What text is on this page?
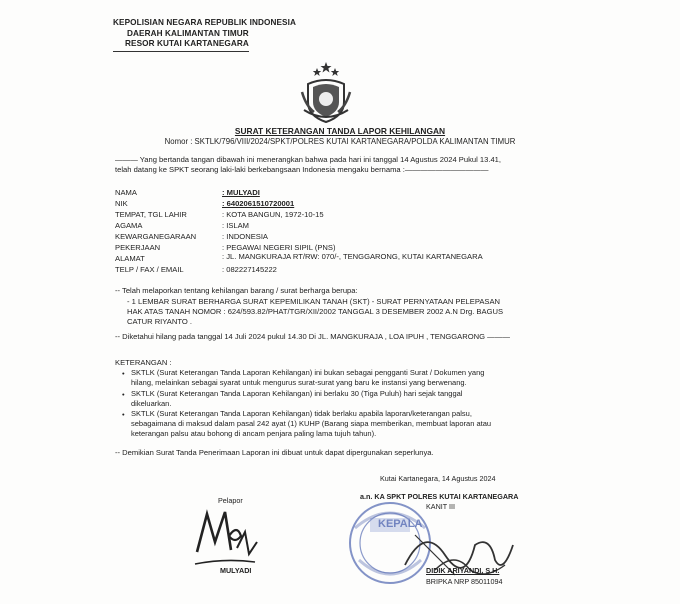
KEPOLISIAN NEGARA REPUBLIK INDONESIA
DAERAH KALIMANTAN TIMUR
RESOR KUTAI KARTANEGARA
SURAT KETERANGAN TANDA LAPOR KEHILANGAN
Nomor : SKTLK/796/VIII/2024/SPKT/POLRES KUTAI KARTANEGARA/POLDA KALIMANTAN TIMUR
——— Yang bertanda tangan dibawah ini menerangkan bahwa pada hari ini tanggal 14 Agustus 2024 Pukul 13.41,
telah datang ke SPKT seorang laki-laki berkebangsaan Indonesia mengaku bernama :———————————
NAMA	: MULYADI
NIK	: 6402061510720001
TEMPAT, TGL LAHIR	: KOTA BANGUN, 1972-10-15
AGAMA	: ISLAM
KEWARGANEGARAAN	: INDONESIA
PEKERJAAN	: PEGAWAI NEGERI SIPIL (PNS)
ALAMAT	: JL. MANGKURAJA RT/RW: 070/-, TENGGARONG, KUTAI KARTANEGARA
TELP / FAX / EMAIL	: 082227145222
-- Telah melaporkan tentang kehilangan barang / surat berharga berupa:
- 1 LEMBAR SURAT BERHARGA SURAT KEPEMILIKAN TANAH (SKT) - SURAT PERNYATAAN PELEPASAN
HAK ATAS TANAH NOMOR : 624/593.82/PHAT/TGR/XII/2002 TANGGAL 3 DESEMBER 2002 A.N Drg. BAGUS
CATUR RIYANTO .
-- Diketahui hilang pada tanggal 14 Juli 2024 pukul 14.30 Di JL. MANGKURAJA , LOA IPUH , TENGGARONG ———
KETERANGAN :
• SKTLK (Surat Keterangan Tanda Laporan Kehilangan) ini bukan sebagai pengganti Surat / Dokumen yang
hilang, melainkan sebagai syarat untuk mengurus surat-surat yang baru ke instansi yang berwenang.
• SKTLK (Surat Keterangan Tanda Laporan Kehilangan) ini berlaku 30 (Tiga Puluh) hari sejak tanggal
dikeluarkan.
• SKTLK (Surat Keterangan Tanda Laporan Kehilangan) tidak berlaku apabila laporan/keterangan palsu,
sebagaimana di maksud dalam pasal 242 ayat (1) KUHP (Barang siapa memberikan, membuat laporan atau
keterangan palsu atau bohong di ancam penjara paling lama tujuh tahun).
-- Demikian Surat Tanda Penerimaan Laporan ini dibuat untuk dapat dipergunakan seperlunya.
Kutai Kartanegara, 14 Agustus 2024
a.n. KA SPKT POLRES KUTAI KARTANEGARA
KANIT III
KEPALA
DIDIK ARIYANDI, S.H.
BRIPKA NRP 85011094
Pelapor
MULYADI
